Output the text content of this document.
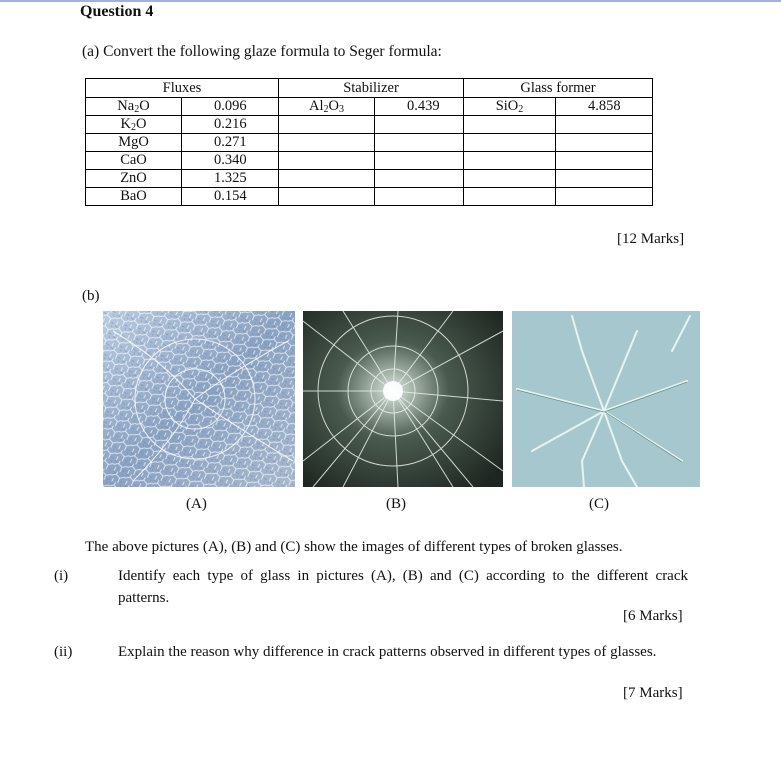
Question 4
(a) Convert the following glaze formula to Seger formula:
Fluxes		Stabilizer		Glass former	
$Na_2O$	0.096	$Al_2O_3$	0.439	SiO$_2$	4.858
$K_2O$	0.216				
MgO	0.271				
CaO	0.340				
ZnO	1.325				
BaO	0.154				
[12 Marks]
(b)
(A)	(B)	(C)
The above pictures (A), (B) and (C) show the images of different types of broken glasses.
(i)	Identify each type of glass in pictures (A), (B) and (C) according to the different crack patterns.
[6 Marks]
(ii)	Explain the reason why difference in crack patterns observed in different types of glasses.
[7 Marks]
